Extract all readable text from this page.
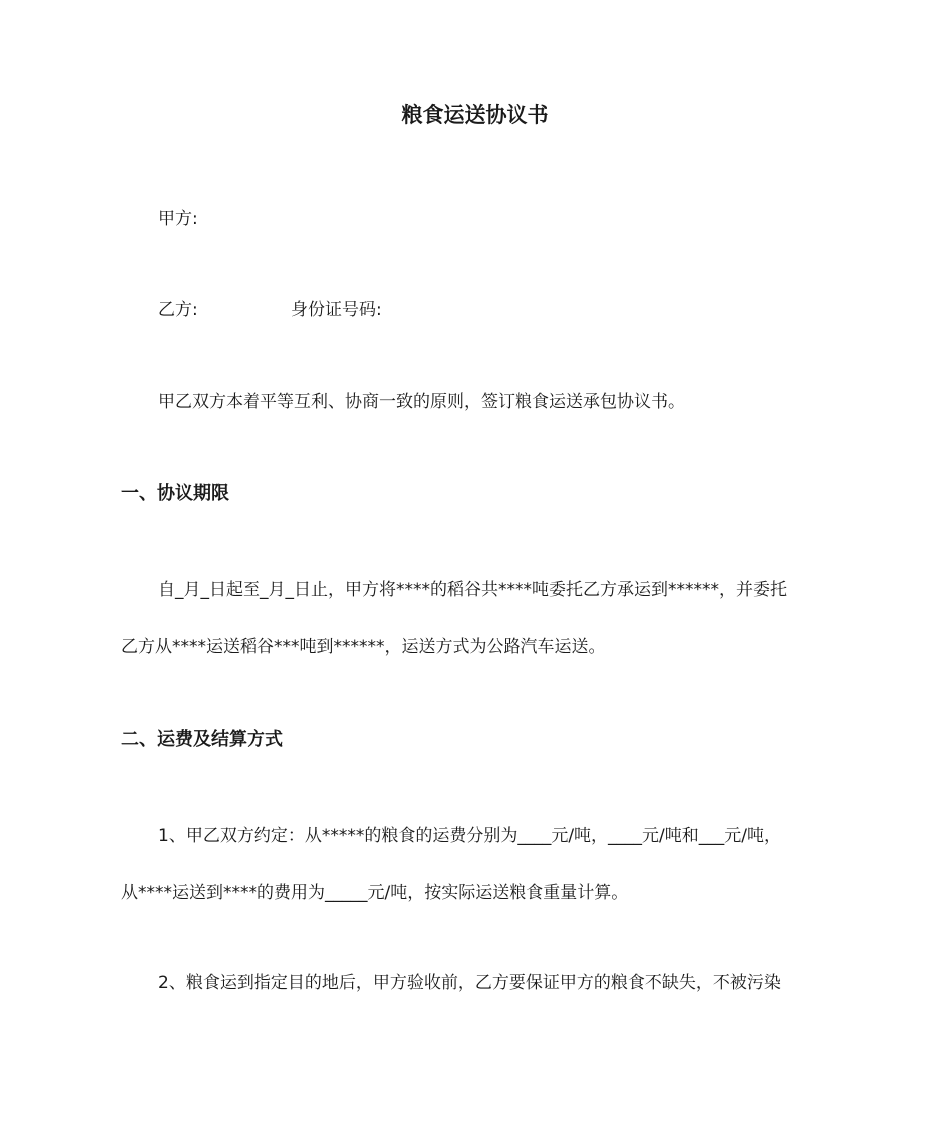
粮食运送协议书
甲方:
乙方:	身份证号码:
甲乙双方本着平等互利、协商一致的原则，签订粮食运送承包协议书。
一、协议期限
自_月_日起至_月_日止，甲方将****的稻谷共****吨委托乙方承运到******，并委托
乙方从****运送稻谷***吨到******，运送方式为公路汽车运送。
二、运费及结算方式
1、甲乙双方约定：从*****的粮食的运费分别为____元/吨，____元/吨和___元/吨，
从****运送到****的费用为_____元/吨，按实际运送粮食重量计算。
2、粮食运到指定目的地后，甲方验收前，乙方要保证甲方的粮食不缺失，不被污染
